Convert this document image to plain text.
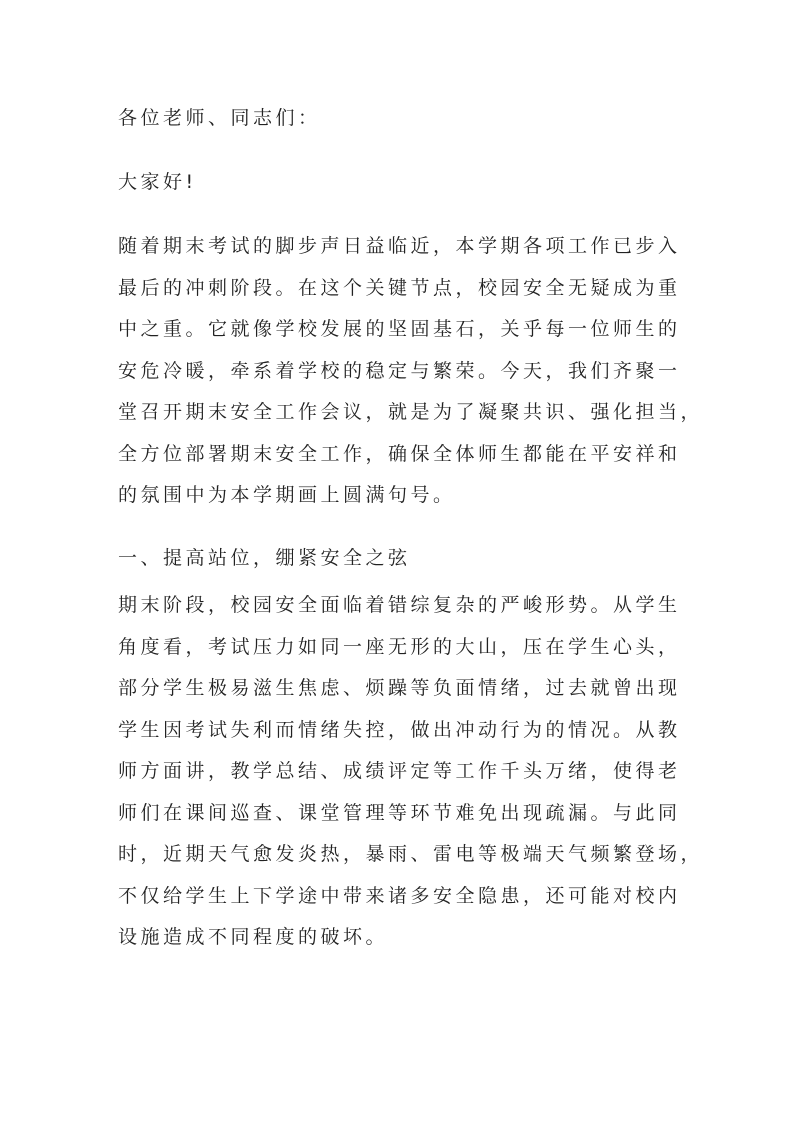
各位老师、同志们：
大家好!
随着期末考试的脚步声日益临近，本学期各项工作已步入
最后的冲刺阶段。在这个关键节点，校园安全无疑成为重
中之重。它就像学校发展的坚固基石，关乎每一位师生的
安危冷暖，牵系着学校的稳定与繁荣。今天，我们齐聚一
堂召开期末安全工作会议，就是为了凝聚共识、强化担当，
全方位部署期末安全工作，确保全体师生都能在平安祥和
的氛围中为本学期画上圆满句号。
一、提高站位，绷紧安全之弦
期末阶段，校园安全面临着错综复杂的严峻形势。从学生
角度看，考试压力如同一座无形的大山，压在学生心头，
部分学生极易滋生焦虑、烦躁等负面情绪，过去就曾出现
学生因考试失利而情绪失控，做出冲动行为的情况。从教
师方面讲，教学总结、成绩评定等工作千头万绪，使得老
师们在课间巡查、课堂管理等环节难免出现疏漏。与此同
时，近期天气愈发炎热，暴雨、雷电等极端天气频繁登场，
不仅给学生上下学途中带来诸多安全隐患，还可能对校内
设施造成不同程度的破坏。
